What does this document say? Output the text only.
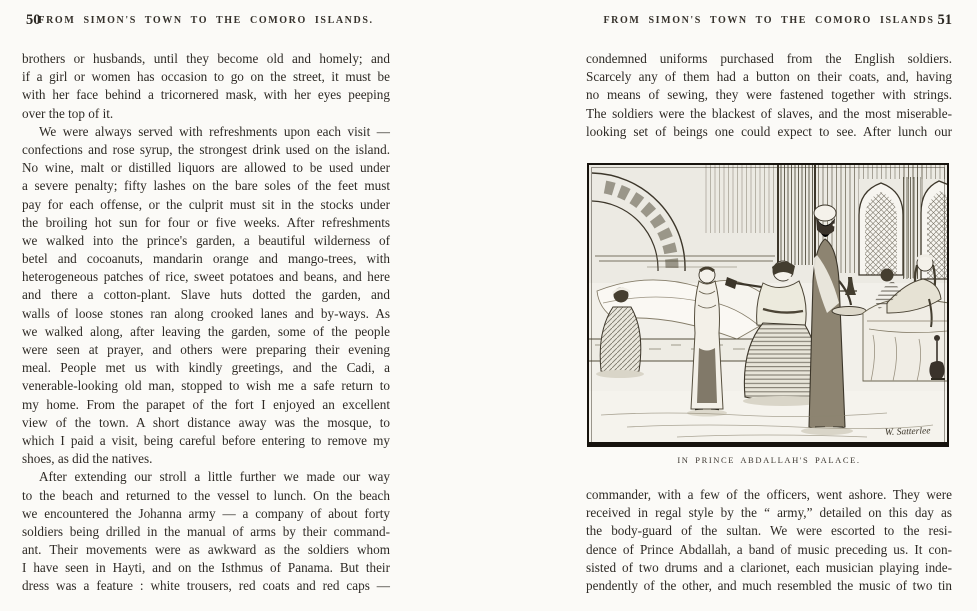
50
FROM SIMON'S TOWN TO THE COMORO ISLANDS.
brothers or husbands, until they become old and homely; and
if a girl or women has occasion to go on the street, it must be
with her face behind a tricornered mask, with her eyes peeping
over the top of it.
We were always served with refreshments upon each visit —
confections and rose syrup, the strongest drink used on the island.
No wine, malt or distilled liquors are allowed to be used under
a severe penalty; fifty lashes on the bare soles of the feet must
pay for each offense, or the culprit must sit in the stocks under
the broiling hot sun for four or five weeks. After refreshments
we walked into the prince's garden, a beautiful wilderness of
betel and cocoanuts, mandarin orange and mango-trees, with
heterogeneous patches of rice, sweet potatoes and beans, and here
and there a cotton-plant. Slave huts dotted the garden, and
walls of loose stones ran along crooked lanes and by-ways. As
we walked along, after leaving the garden, some of the people
were seen at prayer, and others were preparing their evening
meal. People met us with kindly greetings, and the Cadi, a
venerable-looking old man, stopped to wish me a safe return to
my home. From the parapet of the fort I enjoyed an excellent
view of the town. A short distance away was the mosque, to
which I paid a visit, being careful before entering to remove my
shoes, as did the natives.
After extending our stroll a little further we made our way
to the beach and returned to the vessel to lunch. On the beach
we encountered the Johanna army — a company of about forty
soldiers being drilled in the manual of arms by their command-
ant. Their movements were as awkward as the soldiers whom
I have seen in Hayti, and on the Isthmus of Panama. But their
dress was a feature : white trousers, red coats and red caps —
FROM SIMON'S TOWN TO THE COMORO ISLANDS 51
condemned uniforms purchased from the English soldiers.
Scarcely any of them had a button on their coats, and, having
no means of sewing, they were fastened together with strings.
The soldiers were the blackest of slaves, and the most miserable-
looking set of beings one could expect to see. After lunch our
W. Satterlee
IN PRINCE ABDALLAH'S PALACE.
commander, with a few of the officers, went ashore. They were
received in regal style by the “ army,” detailed on this day as
the body-guard of the sultan. We were escorted to the resi-
dence of Prince Abdallah, a band of music preceding us. It con-
sisted of two drums and a clarionet, each musician playing inde-
pendently of the other, and much resembled the music of two tin
